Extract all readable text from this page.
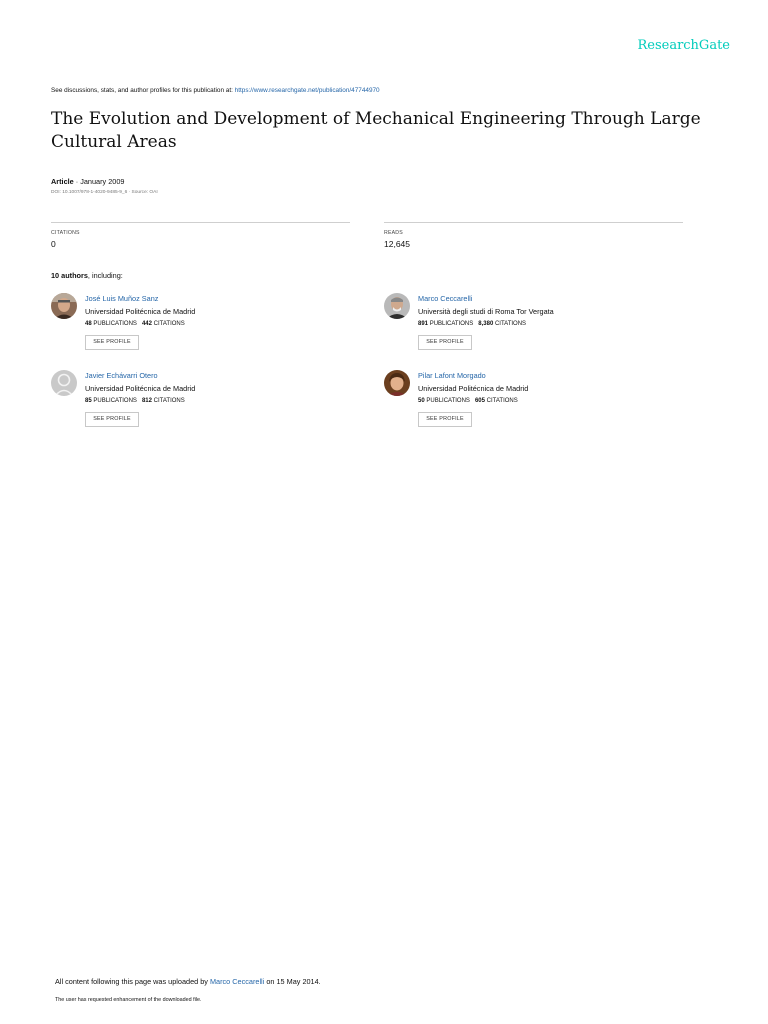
ResearchGate
See discussions, stats, and author profiles for this publication at: https://www.researchgate.net/publication/47744970
The Evolution and Development of Mechanical Engineering Through Large Cultural Areas
Article · January 2009
DOI: 10.1007/978-1-4020-9485-9_6 · Source: OAI
CITATIONS
0
READS
12,645
10 authors, including:
José Luis Muñoz Sanz
Universidad Politécnica de Madrid
48 PUBLICATIONS 442 CITATIONS
SEE PROFILE
Marco Ceccarelli
Università degli studi di Roma Tor Vergata
891 PUBLICATIONS 8,380 CITATIONS
SEE PROFILE
Javier Echávarri Otero
Universidad Politécnica de Madrid
85 PUBLICATIONS 812 CITATIONS
SEE PROFILE
Pilar Lafont Morgado
Universidad Politécnica de Madrid
50 PUBLICATIONS 605 CITATIONS
SEE PROFILE
All content following this page was uploaded by Marco Ceccarelli on 15 May 2014.
The user has requested enhancement of the downloaded file.
